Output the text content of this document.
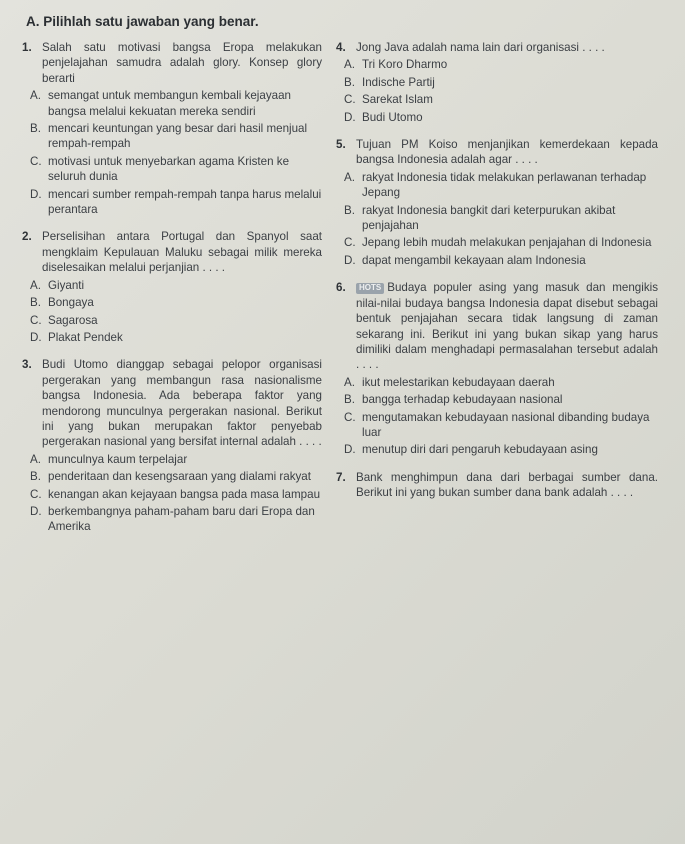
A. Pilihlah satu jawaban yang benar.
1. Salah satu motivasi bangsa Eropa melakukan penjelajahan samudra adalah glory. Konsep glory berarti
A. semangat untuk membangun kembali kejayaan bangsa melalui kekuatan mereka sendiri
B. mencari keuntungan yang besar dari hasil menjual rempah-rempah
C. motivasi untuk menyebarkan agama Kristen ke seluruh dunia
D. mencari sumber rempah-rempah tanpa harus melalui perantara
2. Perselisihan antara Portugal dan Spanyol saat mengklaim Kepulauan Maluku sebagai milik mereka diselesaikan melalui perjanjian . . . .
A. Giyanti
B. Bongaya
C. Sagarosa
D. Plakat Pendek
3. Budi Utomo dianggap sebagai pelopor organisasi pergerakan yang membangun rasa nasionalisme bangsa Indonesia. Ada beberapa faktor yang mendorong munculnya pergerakan nasional. Berikut ini yang bukan merupakan faktor penyebab pergerakan nasional yang bersifat internal adalah . . . .
A. munculnya kaum terpelajar
B. penderitaan dan kesengsaraan yang dialami rakyat
C. kenangan akan kejayaan bangsa pada masa lampau
D. berkembangnya paham-paham baru dari Eropa dan Amerika
4. Jong Java adalah nama lain dari organisasi . . . .
A. Tri Koro Dharmo
B. Indische Partij
C. Sarekat Islam
D. Budi Utomo
5. Tujuan PM Koiso menjanjikan kemerdekaan kepada bangsa Indonesia adalah agar . . . .
A. rakyat Indonesia tidak melakukan perlawanan terhadap Jepang
B. rakyat Indonesia bangkit dari keterpurukan akibat penjajahan
C. Jepang lebih mudah melakukan penjajahan di Indonesia
D. dapat mengambil kekayaan alam Indonesia
6.	HOTS Budaya populer asing yang masuk dan mengikis nilai-nilai budaya bangsa Indonesia dapat disebut sebagai bentuk penjajahan secara tidak langsung di zaman sekarang ini. Berikut ini yang bukan sikap yang harus dimiliki dalam menghadapi permasalahan tersebut adalah . . . .
A. ikut melestarikan kebudayaan daerah
B. bangga terhadap kebudayaan nasional
C. mengutamakan kebudayaan nasional dibanding budaya luar
D. menutup diri dari pengaruh kebudayaan asing
7. Bank menghimpun dana dari berbagai sumber dana. Berikut ini yang bukan sumber dana bank adalah . . . .
